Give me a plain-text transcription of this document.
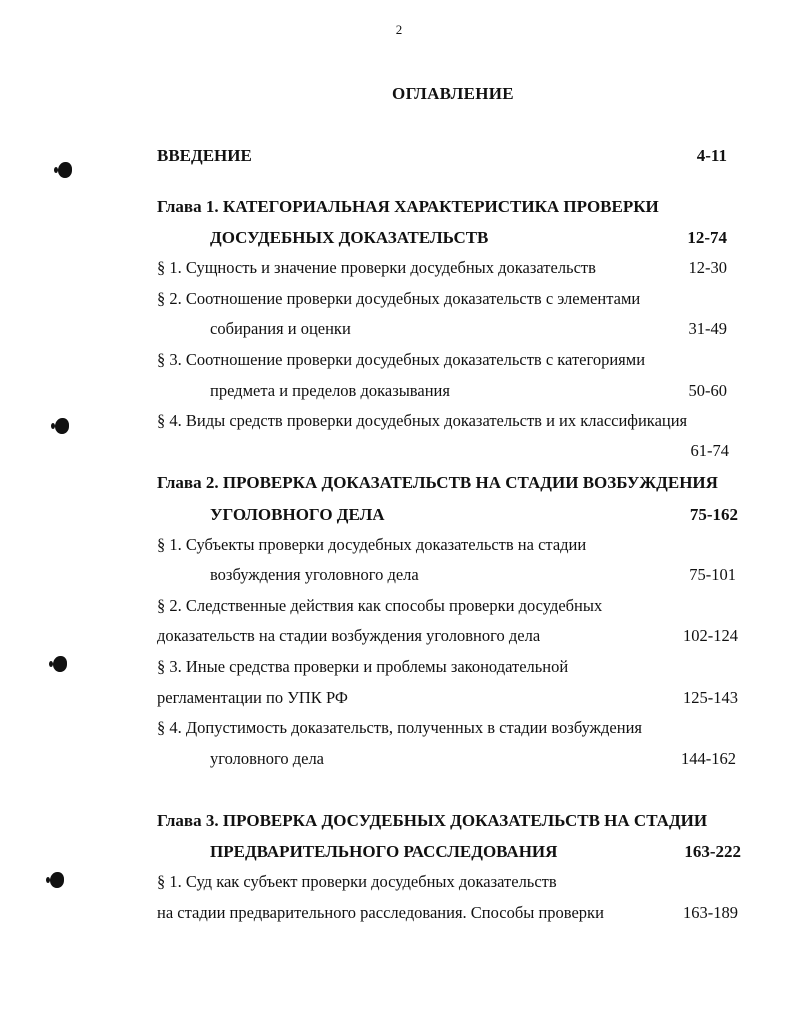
2
ОГЛАВЛЕНИЕ
ВВЕДЕНИЕ	4-11
Глава 1. КАТЕГОРИАЛЬНАЯ ХАРАКТЕРИСТИКА ПРОВЕРКИ
ДОСУДЕБНЫХ ДОКАЗАТЕЛЬСТВ	12-74
§ 1. Сущность и значение проверки досудебных доказательств	12-30
§ 2. Соотношение проверки досудебных доказательств с элементами
собирания и оценки	31-49
§ 3. Соотношение проверки досудебных доказательств с категориями
предмета и пределов доказывания	50-60
§ 4. Виды средств проверки досудебных доказательств и их классификация
61-74
Глава 2. ПРОВЕРКА ДОКАЗАТЕЛЬСТВ НА СТАДИИ ВОЗБУЖДЕНИЯ
УГОЛОВНОГО ДЕЛА	75-162
§ 1. Субъекты проверки досудебных доказательств на стадии
возбуждения уголовного дела	75-101
§ 2. Следственные действия как способы проверки досудебных
доказательств на стадии возбуждения уголовного дела	102-124
§ 3. Иные средства проверки и проблемы законодательной
регламентации по УПК РФ	125-143
§ 4. Допустимость доказательств, полученных в стадии возбуждения
уголовного дела	144-162
Глава 3. ПРОВЕРКА ДОСУДЕБНЫХ ДОКАЗАТЕЛЬСТВ НА СТАДИИ
ПРЕДВАРИТЕЛЬНОГО РАССЛЕДОВАНИЯ	163-222
§ 1. Суд как субъект проверки досудебных доказательств
на стадии предварительного расследования. Способы проверки	163-189
